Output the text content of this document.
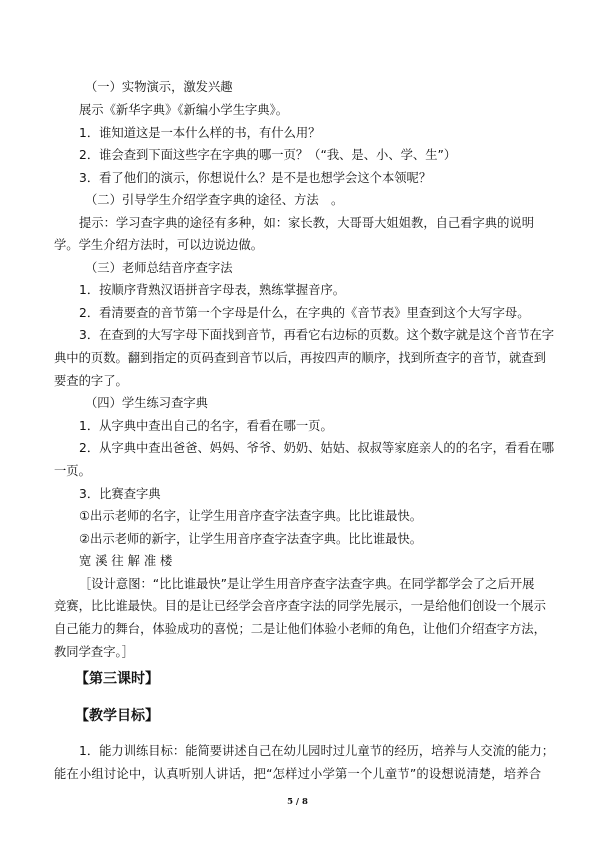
（一）实物演示，激发兴趣
展示《新华字典》《新编小学生字典》。
1．谁知道这是一本什么样的书，有什么用？
2．谁会查到下面这些字在字典的哪一页？（“我、是、小、学、生”）
3．看了他们的演示，你想说什么？是不是也想学会这个本领呢？
（二）引导学生介绍学查字典的途径、方法　。
提示：学习查字典的途径有多种，如：家长教，大哥哥大姐姐教，自己看字典的说明
学。学生介绍方法时，可以边说边做。
（三）老师总结音序查字法
1．按顺序背熟汉语拼音字母表，熟练掌握音序。
2．看清要查的音节第一个字母是什么，在字典的《音节表》里查到这个大写字母。
3．在查到的大写字母下面找到音节，再看它右边标的页数。这个数字就是这个音节在字
典中的页数。翻到指定的页码查到音节以后，再按四声的顺序，找到所查字的音节，就查到
要查的字了。
（四）学生练习查字典
1．从字典中查出自己的名字，看看在哪一页。
2．从字典中查出爸爸、妈妈、爷爷、奶奶、姑姑、叔叔等家庭亲人的的名字，看看在哪
一页。
3．比赛查字典
①出示老师的名字，让学生用音序查字法查字典。比比谁最快。
②出示老师的新字，让学生用音序查字法查字典。比比谁最快。
宽 溪 往 解 准 楼
［设计意图：“比比谁最快”是让学生用音序查字法查字典。在同学都学会了之后开展
竞赛，比比谁最快。目的是让已经学会音序查字法的同学先展示，一是给他们创设一个展示
自己能力的舞台，体验成功的喜悦；二是让他们体验小老师的角色，让他们介绍查字方法，
教同学查字。］
【第三课时】
【教学目标】
1．能力训练目标：能简要讲述自己在幼儿园时过儿童节的经历，培养与人交流的能力；
能在小组讨论中，认真听别人讲话，把“怎样过小学第一个儿童节”的设想说清楚，培养合
5 / 8
